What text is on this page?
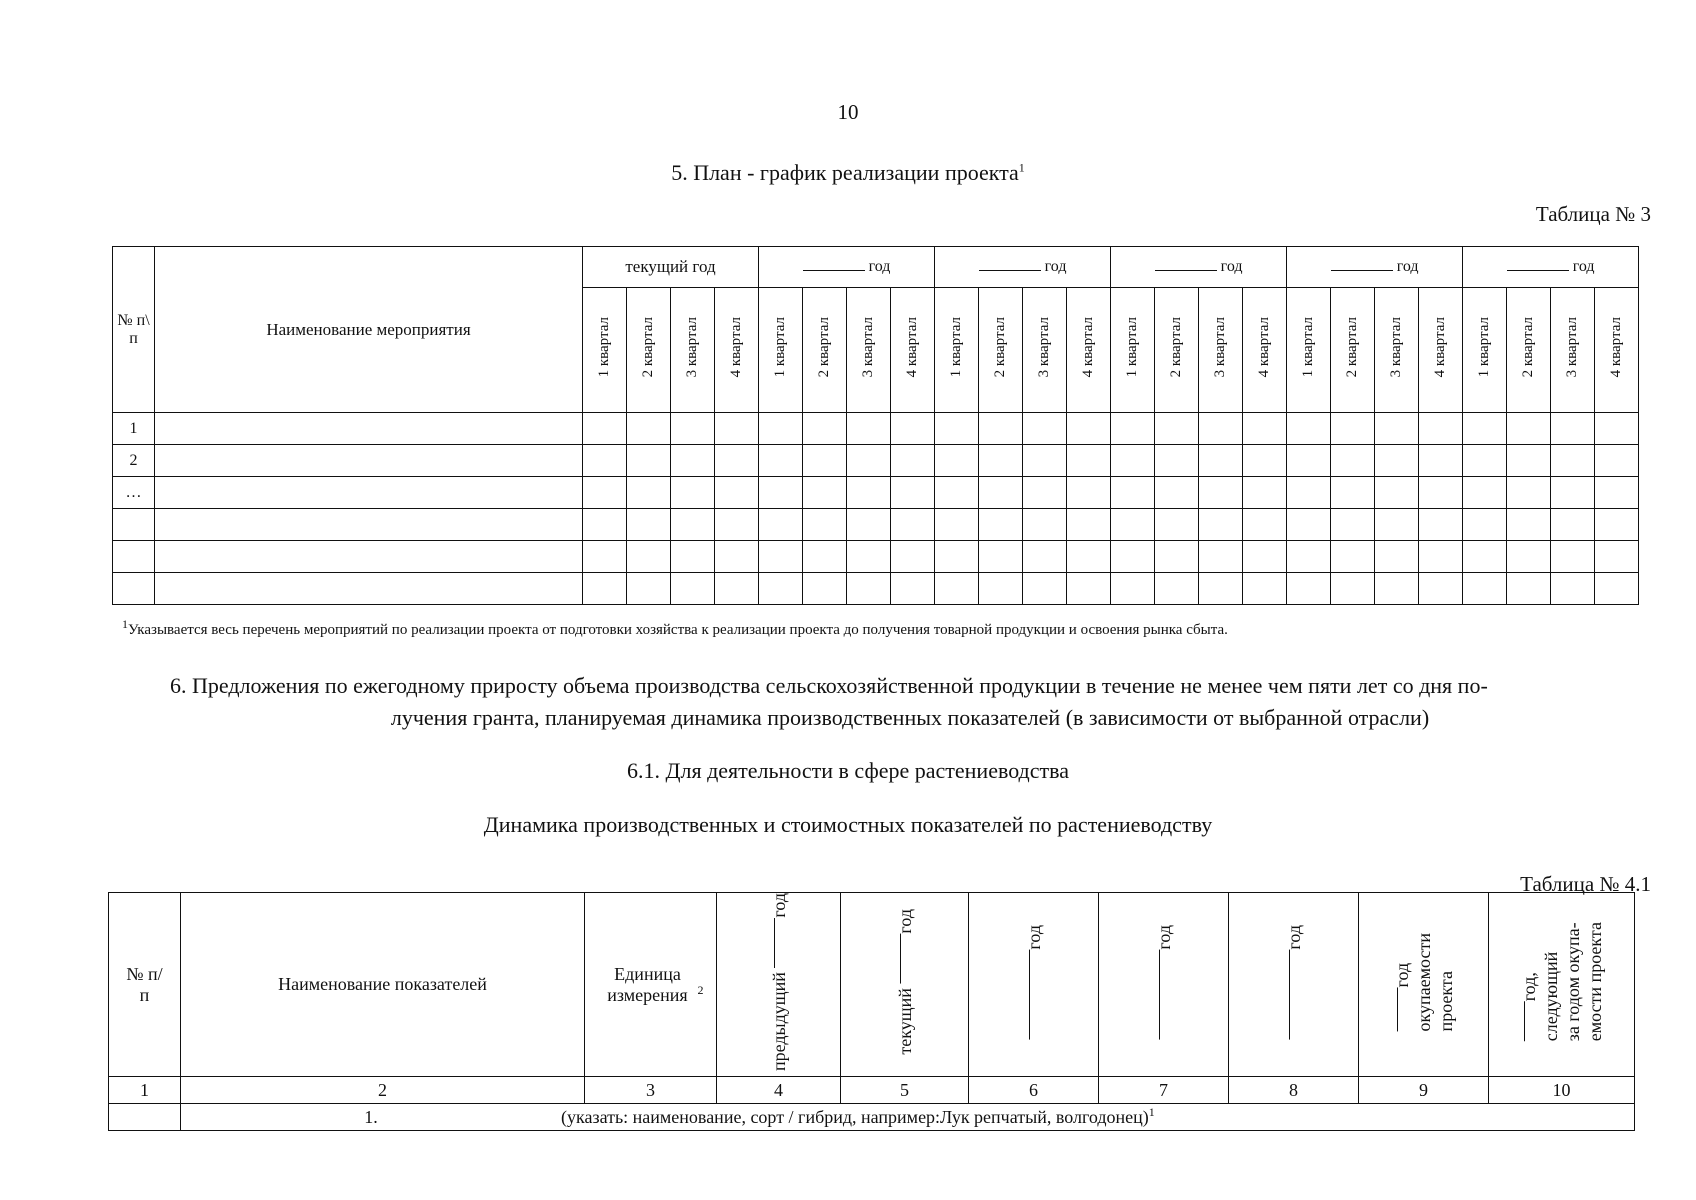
10
5. План - график реализации проекта$^1$
Таблица № 3
№ п\ п	Наименование мероприятия	текущий год				год				год				год				год				год			
		1 квартал	2 квартал	3 квартал	4 квартал	1 квартал	2 квартал	3 квартал	4 квартал	1 квартал	2 квартал	3 квартал	4 квартал	1 квартал	2 квартал	3 квартал	4 квартал	1 квартал	2 квартал	3 квартал	4 квартал	1 квартал	2 квартал	3 квартал	4 квартал
1																									
2																									
…																									

$^1$Указывается весь перечень мероприятий по реализации проекта от подготовки хозяйства к реализации проекта до получения товарной продукции и освоения рынка сбыта.
6. Предложения по ежегодному приросту объема производства сельскохозяйственной продукции в течение не менее чем пяти лет со дня по-
лучения гранта, планируемая динамика производственных показателей (в зависимости от выбранной отрасли)
6.1. Для деятельности в сфере растениеводства
Динамика производственных и стоимостных показателей по растениеводству
Таблица № 4.1
№ п/п	Наименование показателей	Единица измерения $^2$	предыдущий год	текущий год	год	год	год	год окупаемости проекта	год, следующий за годом окупа- емости проекта

1	2	3	4	5	6	7	8	9	10
	1. (указать: наименование, сорт / гибрид, например:Лук репчатый, волгодонец)$^1$
